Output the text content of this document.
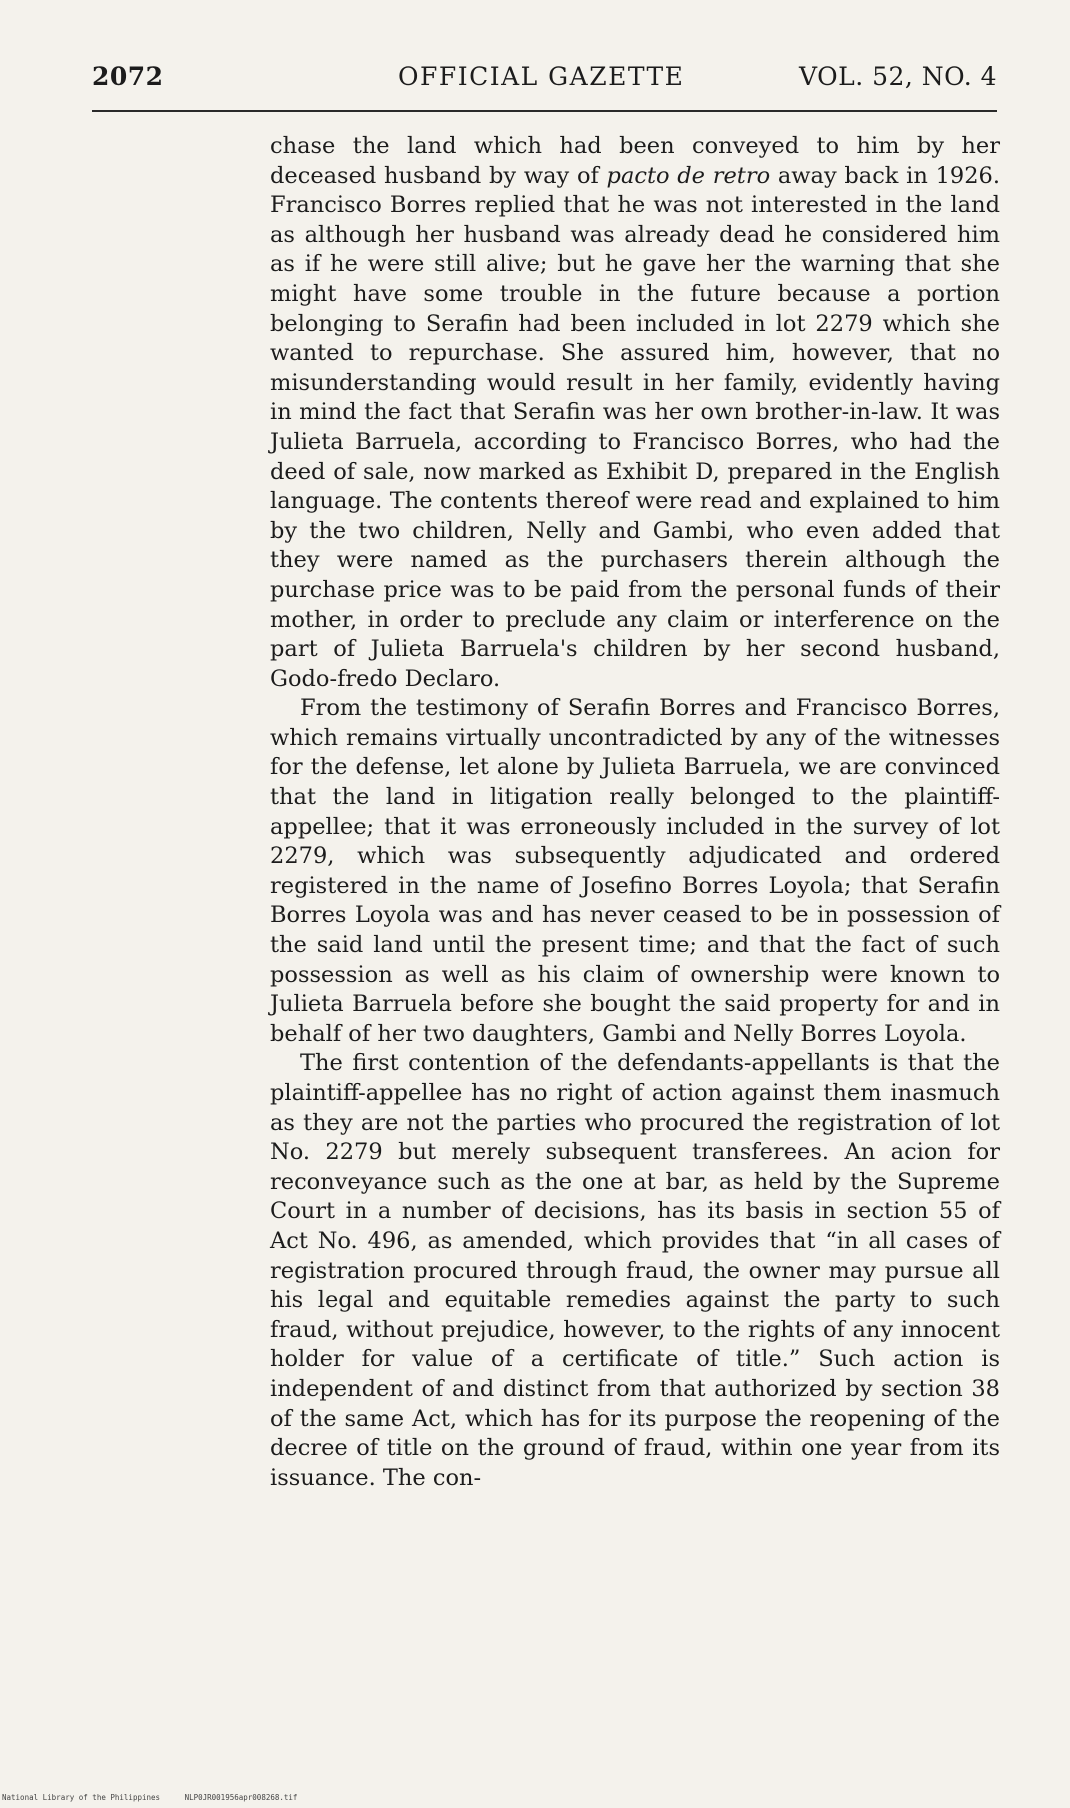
2072	OFFICIAL GAZETTE	VOL. 52, NO. 4

chase the land which had been conveyed to him by her deceased husband by way of pacto de retro away back in 1926. Francisco Borres replied that he was not interested in the land as although her husband was already dead he considered him as if he were still alive; but he gave her the warning that she might have some trouble in the future because a portion belonging to Serafin had been included in lot 2279 which she wanted to repurchase. She assured him, however, that no misunderstanding would result in her family, evidently having in mind the fact that Serafin was her own brother-in-law. It was Julieta Barruela, according to Francisco Borres, who had the deed of sale, now marked as Exhibit D, prepared in the English language. The contents thereof were read and explained to him by the two children, Nelly and Gambi, who even added that they were named as the purchasers therein although the purchase price was to be paid from the personal funds of their mother, in order to preclude any claim or interference on the part of Julieta Barruela's children by her second husband, Godo-fredo Declaro.

From the testimony of Serafin Borres and Francisco Borres, which remains virtually uncontradicted by any of the witnesses for the defense, let alone by Julieta Barruela, we are convinced that the land in litigation really belonged to the plaintiff-appellee; that it was erroneously included in the survey of lot 2279, which was subsequently adjudicated and ordered registered in the name of Josefino Borres Loyola; that Serafin Borres Loyola was and has never ceased to be in possession of the said land until the present time; and that the fact of such possession as well as his claim of ownership were known to Julieta Barruela before she bought the said property for and in behalf of her two daughters, Gambi and Nelly Borres Loyola.

The first contention of the defendants-appellants is that the plaintiff-appellee has no right of action against them inasmuch as they are not the parties who procured the registration of lot No. 2279 but merely subsequent transferees. An acion for reconveyance such as the one at bar, as held by the Supreme Court in a number of decisions, has its basis in section 55 of Act No. 496, as amended, which provides that “in all cases of registration procured through fraud, the owner may pursue all his legal and equitable remedies against the party to such fraud, without prejudice, however, to the rights of any innocent holder for value of a certificate of title.” Such action is independent of and distinct from that authorized by section 38 of the same Act, which has for its purpose the reopening of the decree of title on the ground of fraud, within one year from its issuance. The con-

National Library of the Philippines	NLP0JR001956apr008268.tif
